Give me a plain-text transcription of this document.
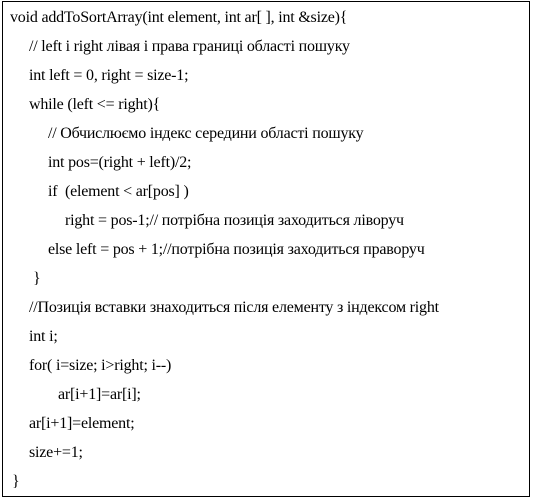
void addToSortArray(int element, int ar[ ], int &size){
// left i right лівая і права границі області пошуку
int left = 0, right = size-1;
while (left <= right){
// Обчислюємо індекс середини області пошуку
int pos=(right + left)/2;
if  (element < ar[pos] )
right = pos-1;// потрібна позиція заходиться ліворуч
else left = pos + 1;//потрібна позиція заходиться праворуч
}
//Позиція вставки знаходиться після елементу з індексом right
int i;
for( i=size; i>right; i--)
ar[i+1]=ar[i];
ar[i+1]=element;
size+=1;
}
